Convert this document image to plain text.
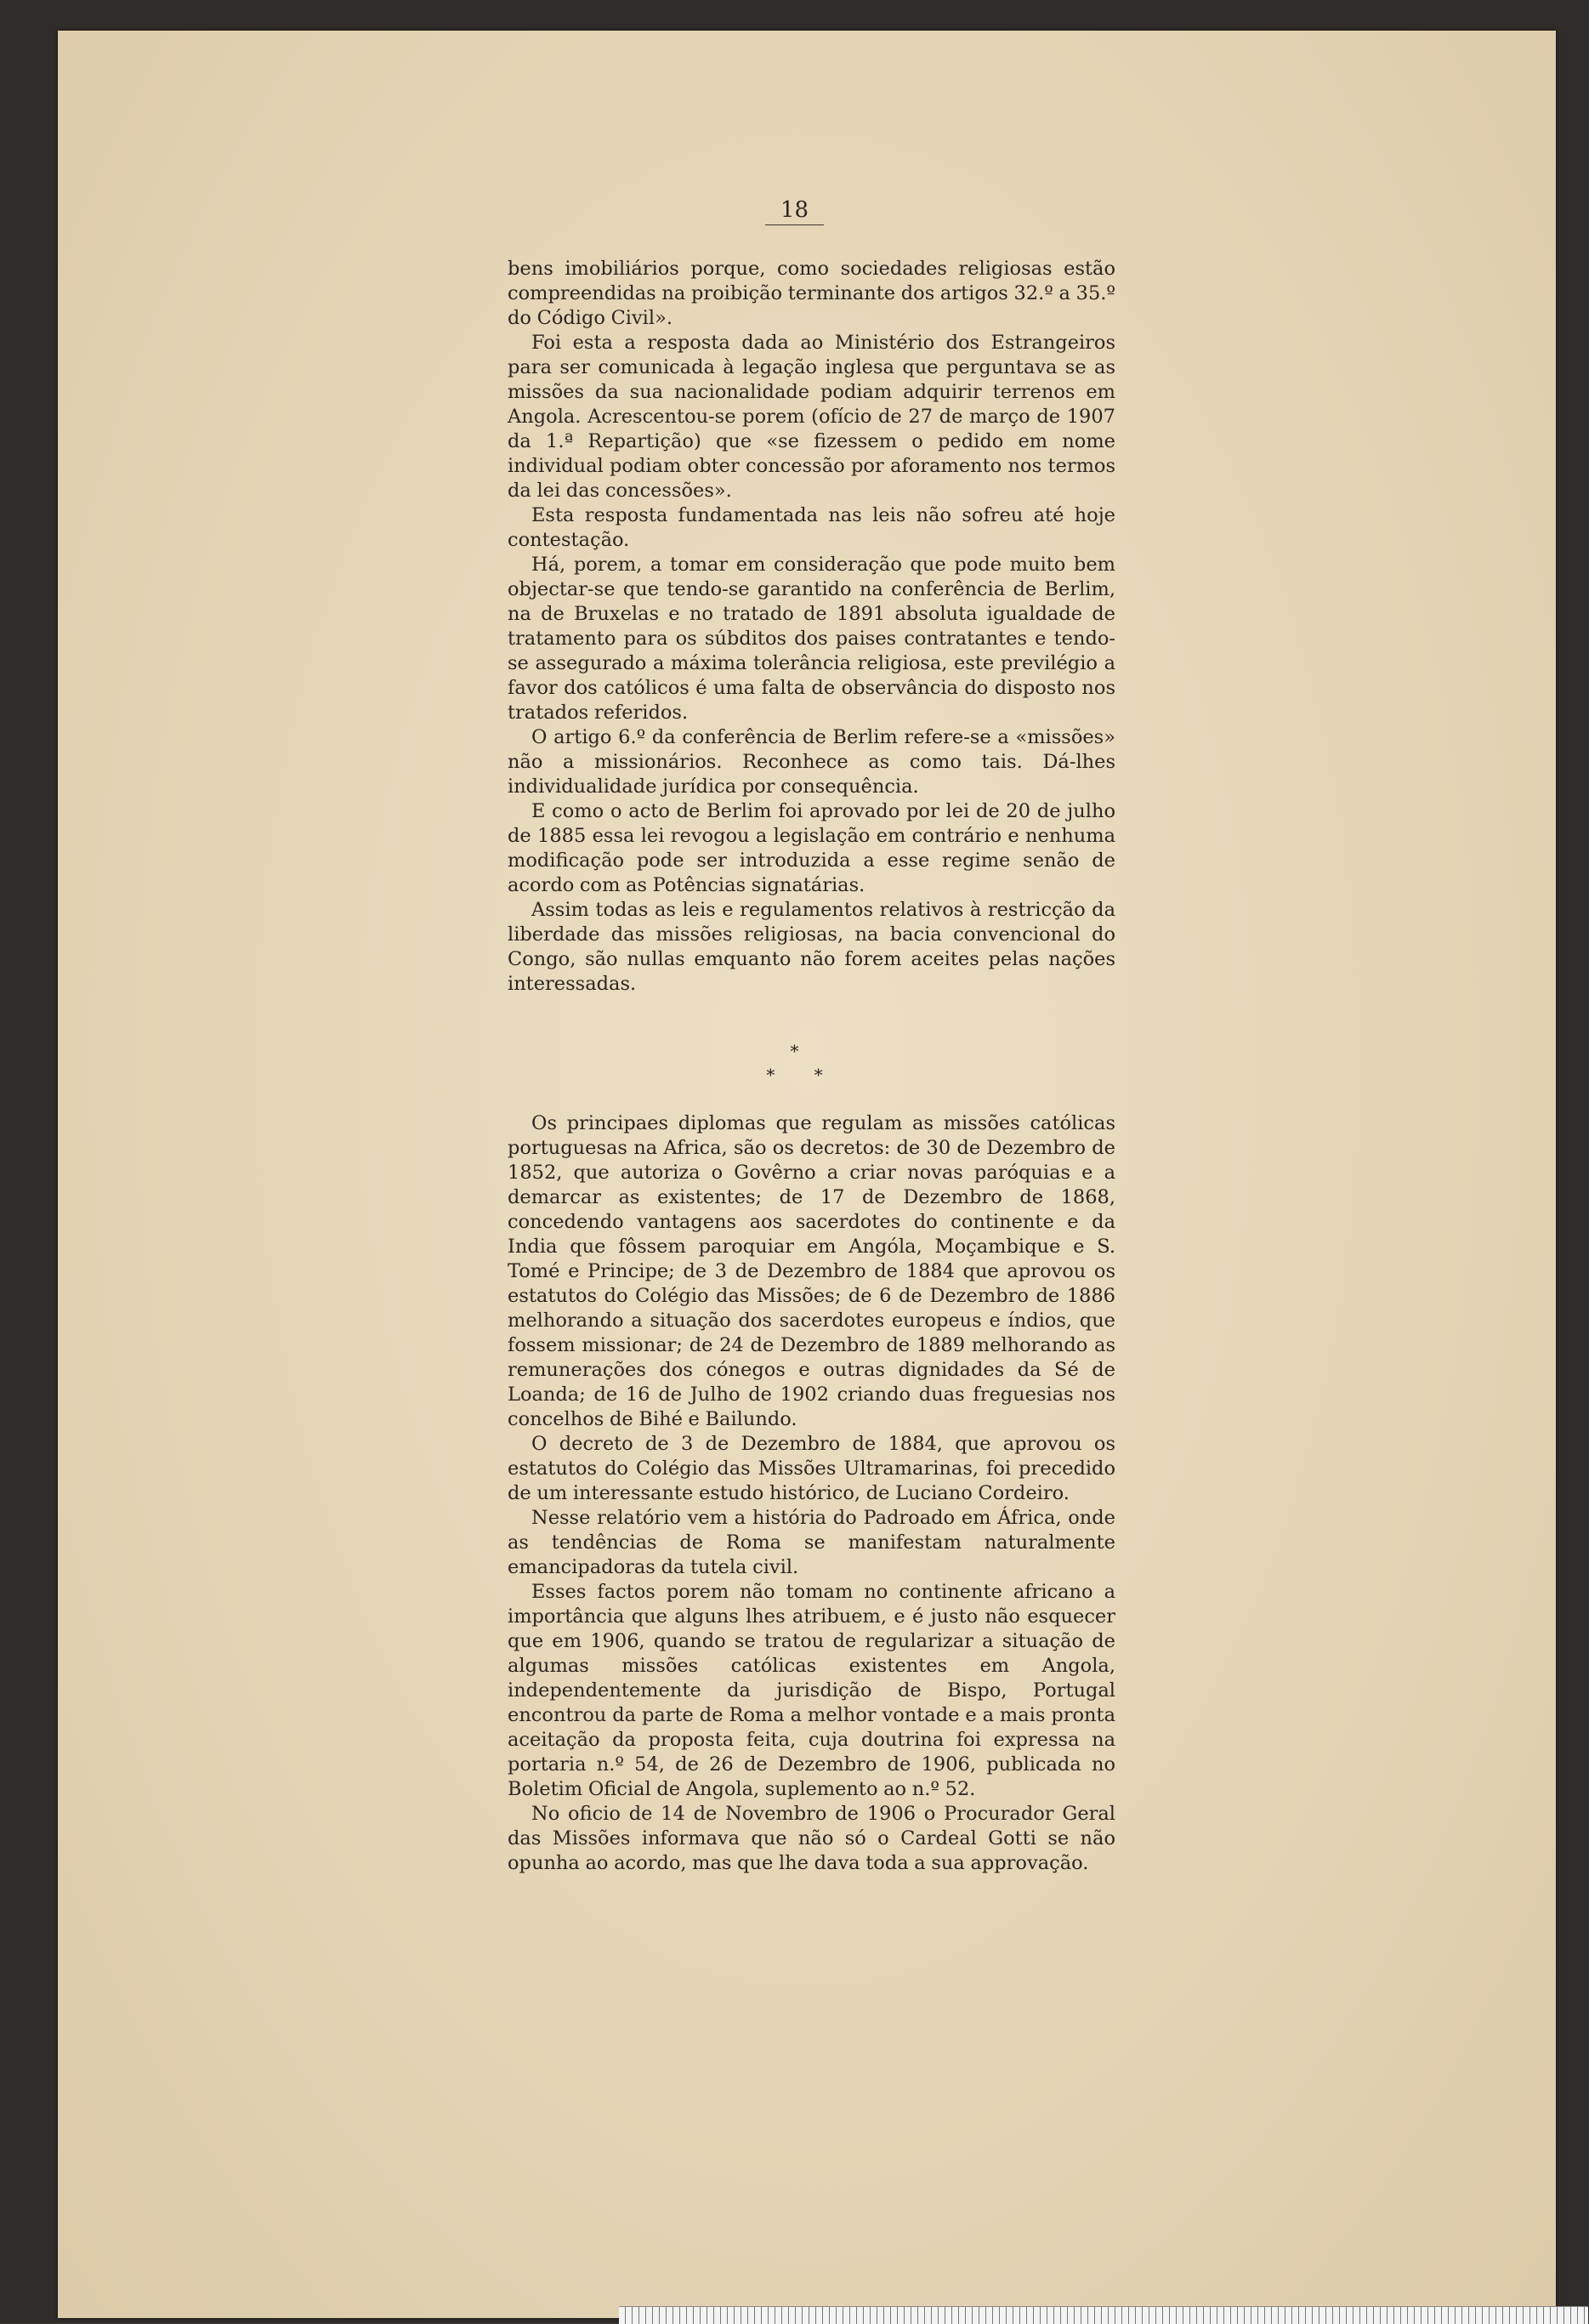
18

bens imobiliários porque, como sociedades religiosas estão compreendidas na proibição terminante dos artigos 32.º a 35.º do Código Civil».

Foi esta a resposta dada ao Ministério dos Estrangeiros para ser comunicada à legação inglesa que perguntava se as missões da sua nacionalidade podiam adquirir terrenos em Angola. Acrescentou-se porem (ofício de 27 de março de 1907 da 1.ª Repartição) que «se fizessem o pedido em nome individual podiam obter concessão por aforamento nos termos da lei das concessões».

Esta resposta fundamentada nas leis não sofreu até hoje contestação.

Há, porem, a tomar em consideração que pode muito bem objectar-se que tendo-se garantido na conferência de Berlim, na de Bruxelas e no tratado de 1891 absoluta igualdade de tratamento para os súbditos dos paises contratantes e tendo-se assegurado a máxima tolerância religiosa, este previlégio a favor dos católicos é uma falta de observância do disposto nos tratados referidos.

O artigo 6.º da conferência de Berlim refere-se a «missões» não a missionários. Reconhece as como tais. Dá-lhes individualidade jurídica por consequência.

E como o acto de Berlim foi aprovado por lei de 20 de julho de 1885 essa lei revogou a legislação em contrário e nenhuma modificação pode ser introduzida a esse regime senão de acordo com as Potências signatárias.

Assim todas as leis e regulamentos relativos à restricção da liberdade das missões religiosas, na bacia convencional do Congo, são nullas emquanto não forem aceites pelas nações interessadas.

*
* *

Os principaes diplomas que regulam as missões católicas portuguesas na Africa, são os decretos: de 30 de Dezembro de 1852, que autoriza o Govêrno a criar novas paróquias e a demarcar as existentes; de 17 de Dezembro de 1868, concedendo vantagens aos sacerdotes do continente e da India que fôssem paroquiar em Angóla, Moçambique e S. Tomé e Principe; de 3 de Dezembro de 1884 que aprovou os estatutos do Colégio das Missões; de 6 de Dezembro de 1886 melhorando a situação dos sacerdotes europeus e índios, que fossem missionar; de 24 de Dezembro de 1889 melhorando as remunerações dos cónegos e outras dignidades da Sé de Loanda; de 16 de Julho de 1902 criando duas freguesias nos concelhos de Bihé e Bailundo.

O decreto de 3 de Dezembro de 1884, que aprovou os estatutos do Colégio das Missões Ultramarinas, foi precedido de um interessante estudo histórico, de Luciano Cordeiro.

Nesse relatório vem a história do Padroado em África, onde as tendências de Roma se manifestam naturalmente emancipadoras da tutela civil.

Esses factos porem não tomam no continente africano a importância que alguns lhes atribuem, e é justo não esquecer que em 1906, quando se tratou de regularizar a situação de algumas missões católicas existentes em Angola, independentemente da jurisdição de Bispo, Portugal encontrou da parte de Roma a melhor vontade e a mais pronta aceitação da proposta feita, cuja doutrina foi expressa na portaria n.º 54, de 26 de Dezembro de 1906, publicada no Boletim Oficial de Angola, suplemento ao n.º 52.

No oficio de 14 de Novembro de 1906 o Procurador Geral das Missões informava que não só o Cardeal Gotti se não opunha ao acordo, mas que lhe dava toda a sua approvação.
